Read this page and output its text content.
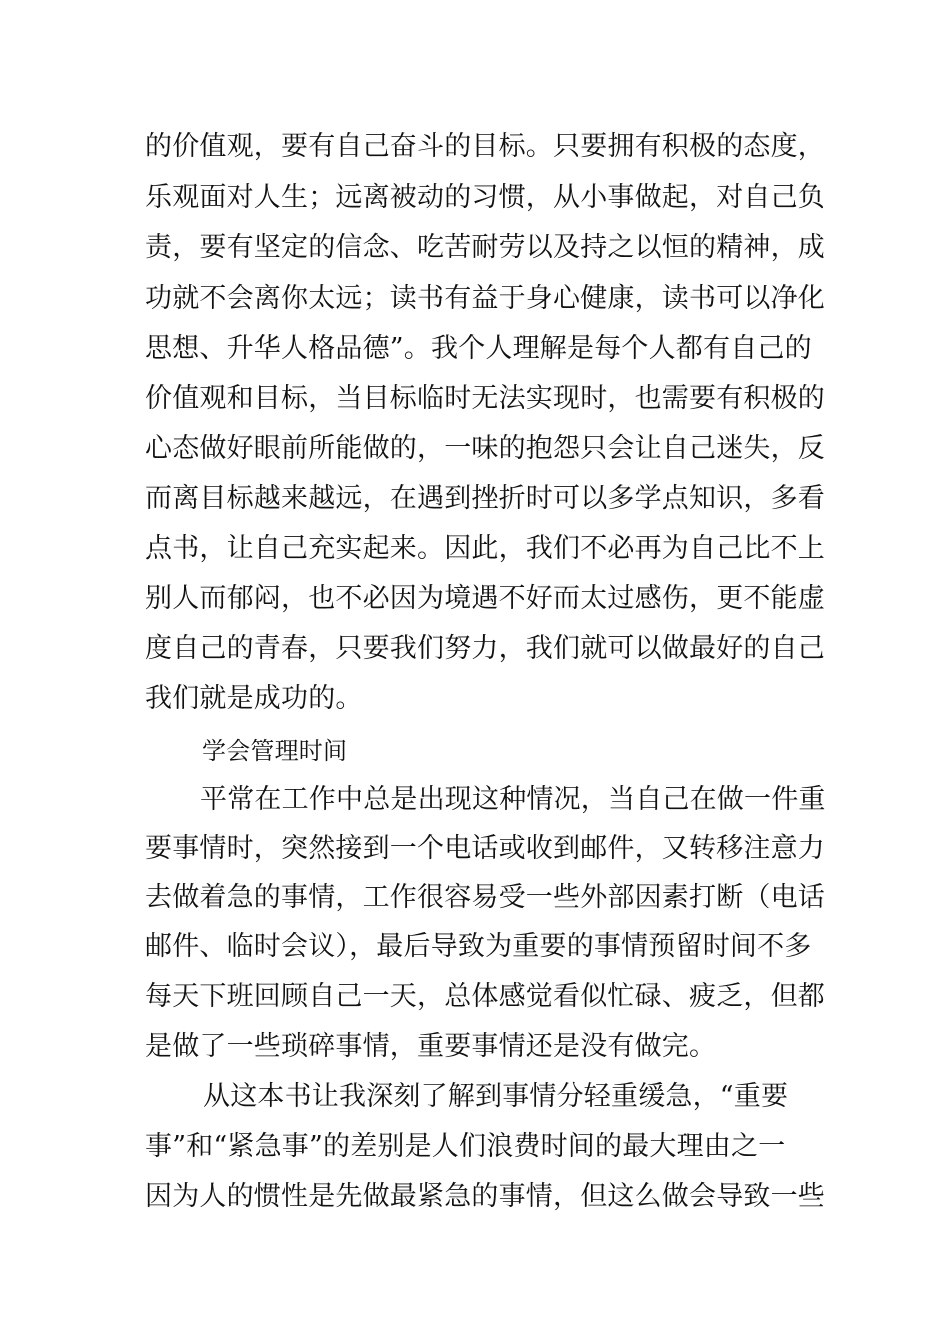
的价值观，要有自己奋斗的目标。只要拥有积极的态度，
乐观面对人生；远离被动的习惯，从小事做起，对自己负
责，要有坚定的信念、吃苦耐劳以及持之以恒的精神，成
功就不会离你太远；读书有益于身心健康，读书可以净化
思想、升华人格品德”。我个人理解是每个人都有自己的
价值观和目标，当目标临时无法实现时，也需要有积极的
心态做好眼前所能做的，一味的抱怨只会让自己迷失，反
而离目标越来越远，在遇到挫折时可以多学点知识，多看
点书，让自己充实起来。因此，我们不必再为自己比不上
别人而郁闷，也不必因为境遇不好而太过感伤，更不能虚
度自己的青春，只要我们努力，我们就可以做最好的自己
我们就是成功的。
学会管理时间
平常在工作中总是出现这种情况，当自己在做一件重
要事情时，突然接到一个电话或收到邮件，又转移注意力
去做着急的事情，工作很容易受一些外部因素打断（电话
邮件、临时会议），最后导致为重要的事情预留时间不多
每天下班回顾自己一天，总体感觉看似忙碌、疲乏，但都
是做了一些琐碎事情，重要事情还是没有做完。
从这本书让我深刻了解到事情分轻重缓急，“重要
事”和“紧急事”的差别是人们浪费时间的最大理由之一
因为人的惯性是先做最紧急的事情，但这么做会导致一些
